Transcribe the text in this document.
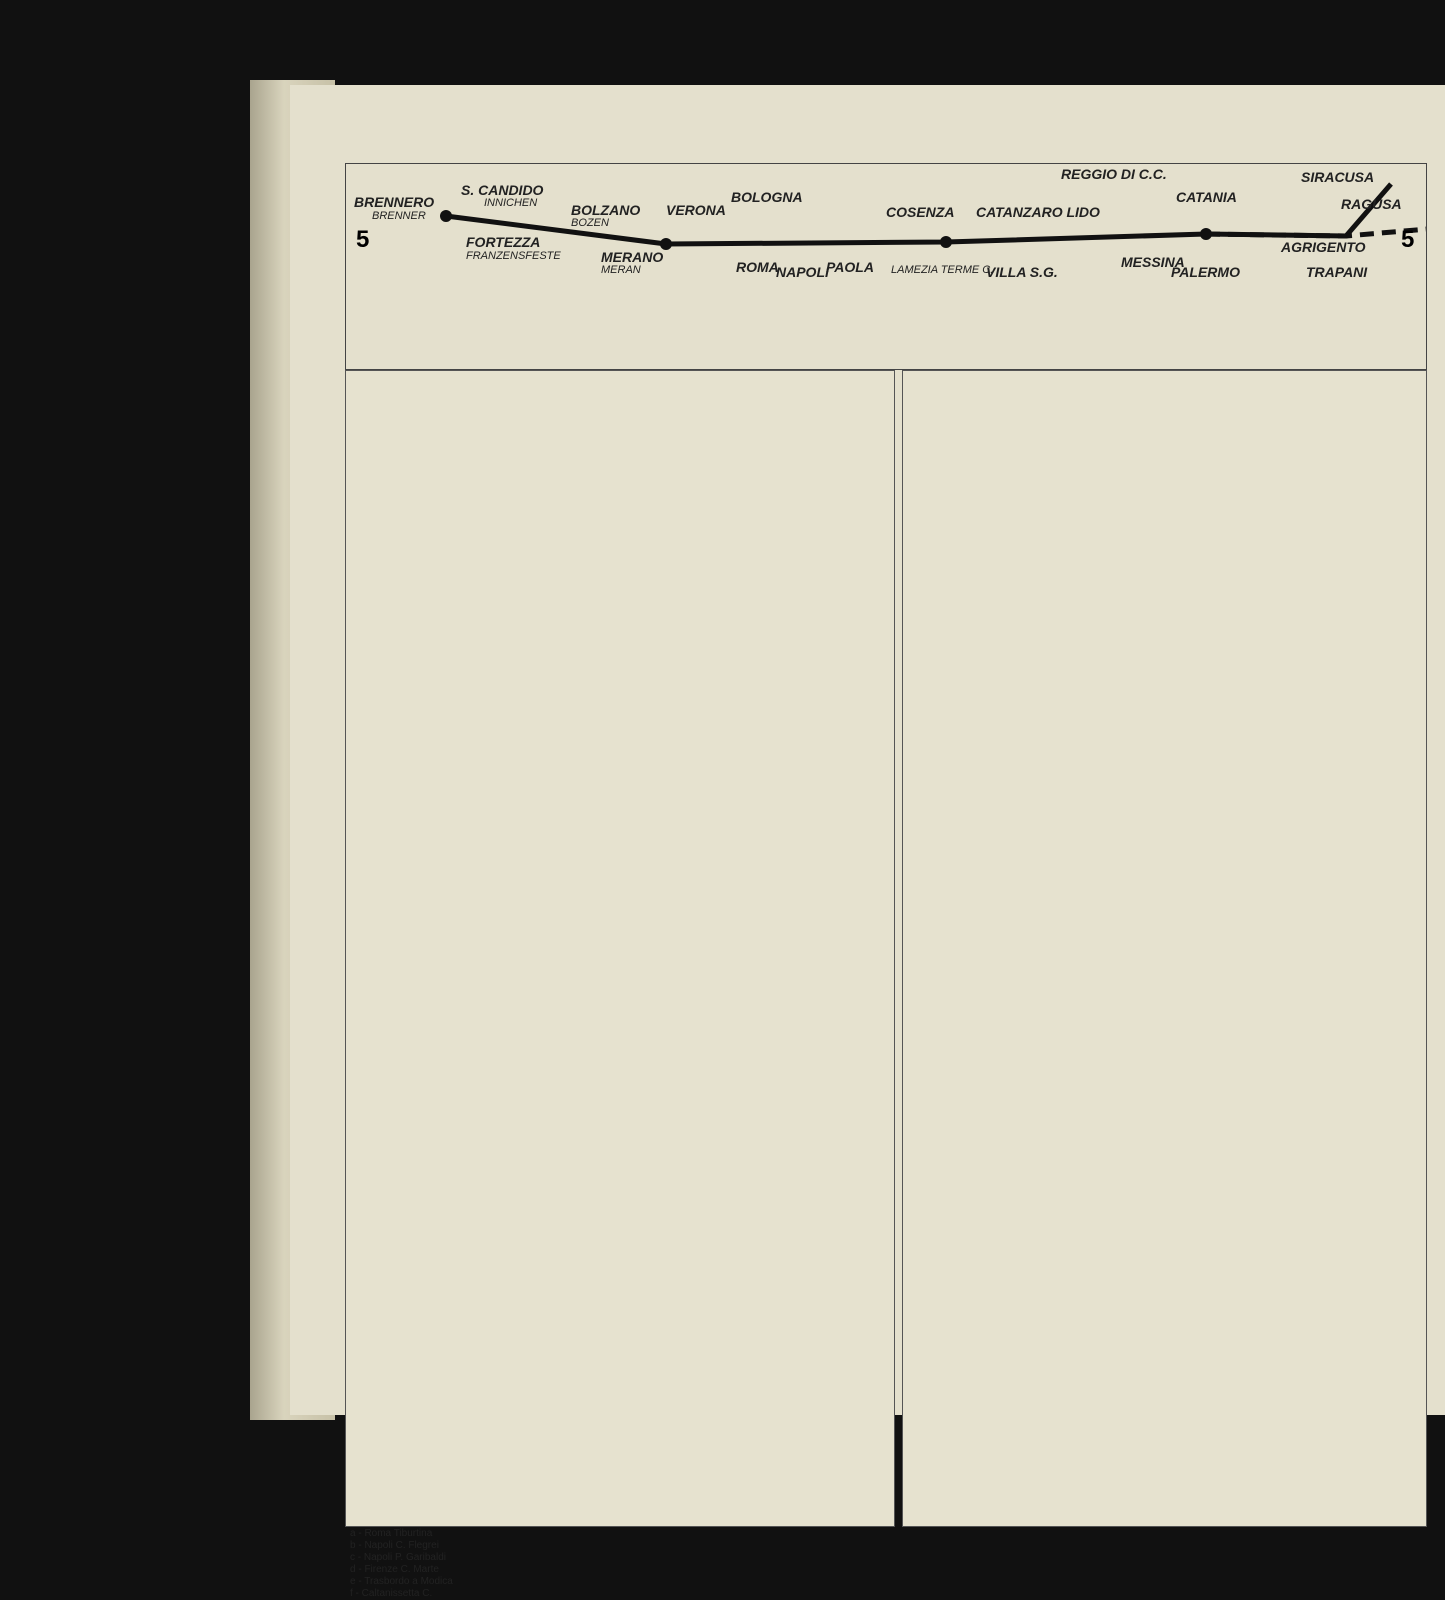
5	5
BRENNERO
BRENNER
S. CANDIDO
INNICHEN
FORTEZZA
FRANZENSFESTE
BOLZANO
BOZEN
MERANO
MERAN
VERONA
BOLOGNA
ROMA
NAPOLI
PAOLA
COSENZA
LAMEZIA TERME C.
CATANZARO LIDO
VILLA S.G.
REGGIO DI C.C.
MESSINA
CATANIA
SIRACUSA
RAGUSA
AGRIGENTO
PALERMO	TRAPANI
a - Roma Tiburtina
b - Napoli C. Flegrei
c - Napoli P. Garibaldi
d - Firenze C. Marte
e - Trasbordo a Modica
f - Caltanissetta C.
